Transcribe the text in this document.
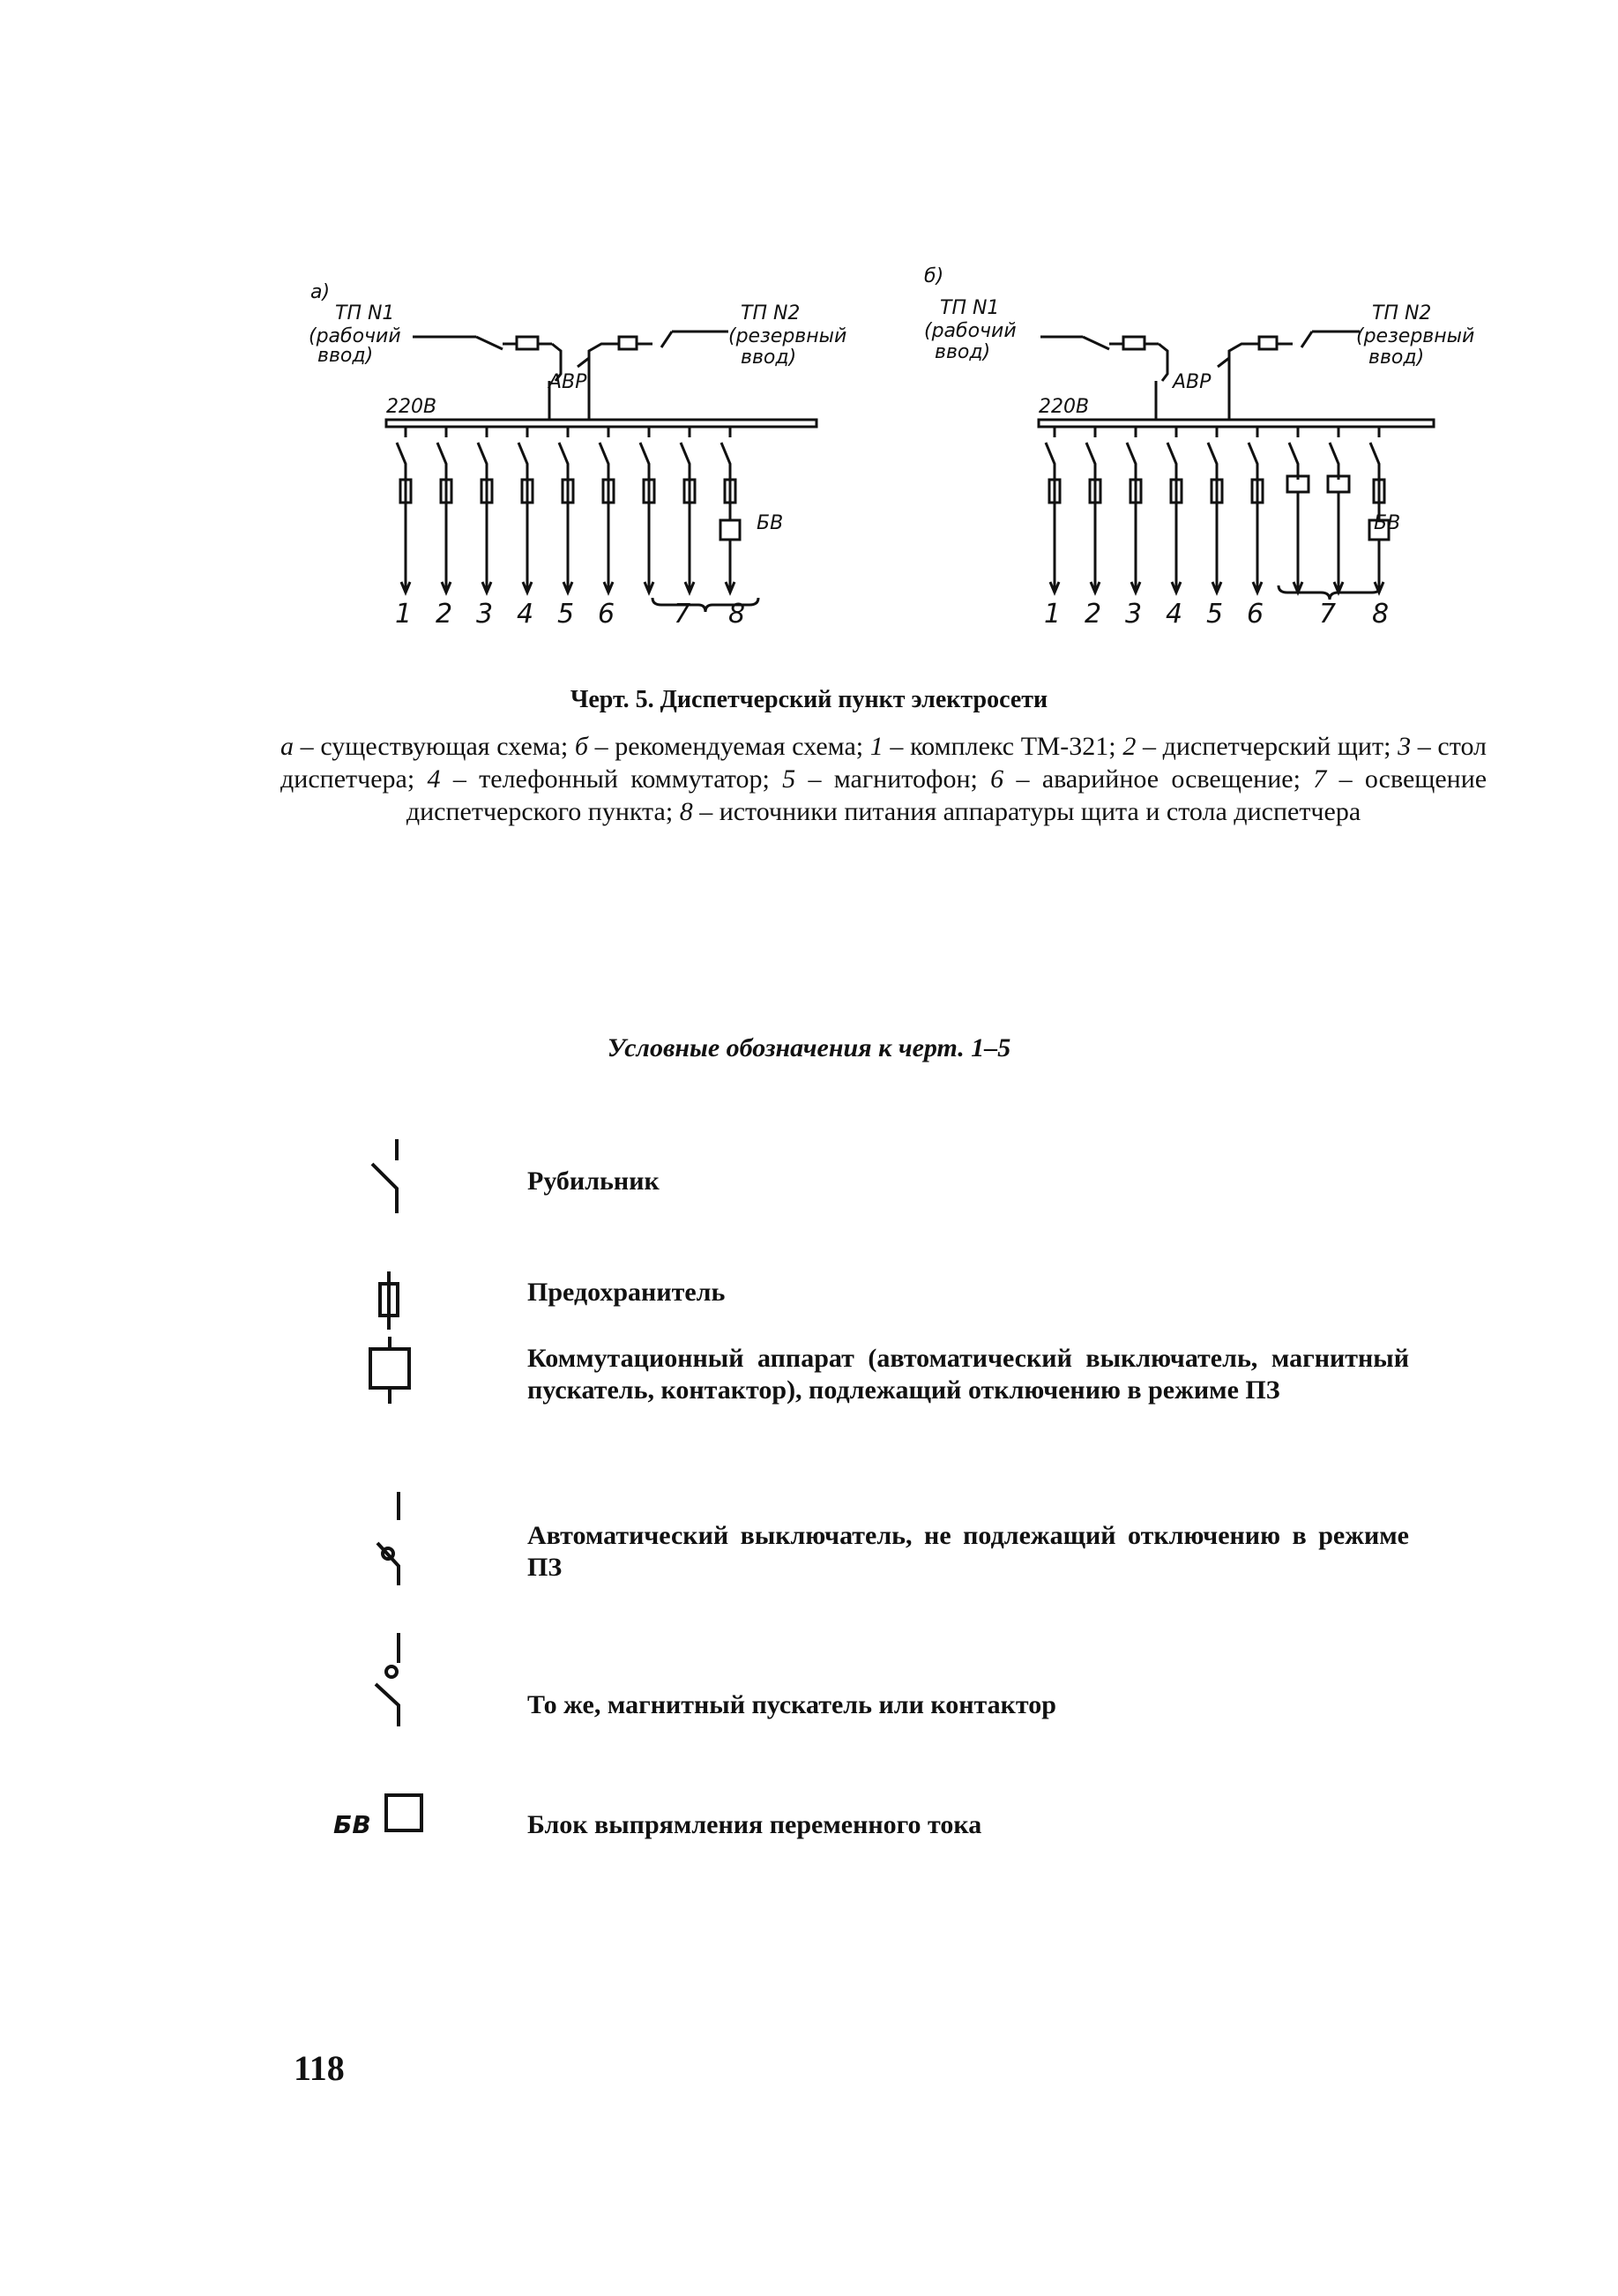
а)
ТП N1
(рабочий
ввод)
ТП N2
(резервный
ввод)
АВР
220В
БВ
1 2 3 4 5 6 7 8
б)
ТП N1
(рабочий
ввод)
ТП N2
(резервный
ввод)
АВР
220В
БВ
1 2 3 4 5 6 7 8
Черт. 5. Диспетчерский пункт электросети
а – существующая схема; б – рекомендуемая схема; 1 – комплекс ТМ-321; 2 – диспетчерский щит; 3 – стол диспетчера; 4 – телефонный коммутатор; 5 – магнитофон; 6 – аварийное освещение; 7 – освещение диспетчерского пункта; 8 – источники питания аппаратуры щита и стола диспетчера
Условные обозначения к черт. 1–5
Рубильник
Предохранитель
Коммутационный аппарат (автоматический выключатель, магнитный пускатель, контактор), подлежащий отключению в режиме ПЗ
Автоматический выключатель, не подлежащий отключению в режиме ПЗ
То же, магнитный пускатель или контактор
БВ	Блок выпрямления переменного тока
118
